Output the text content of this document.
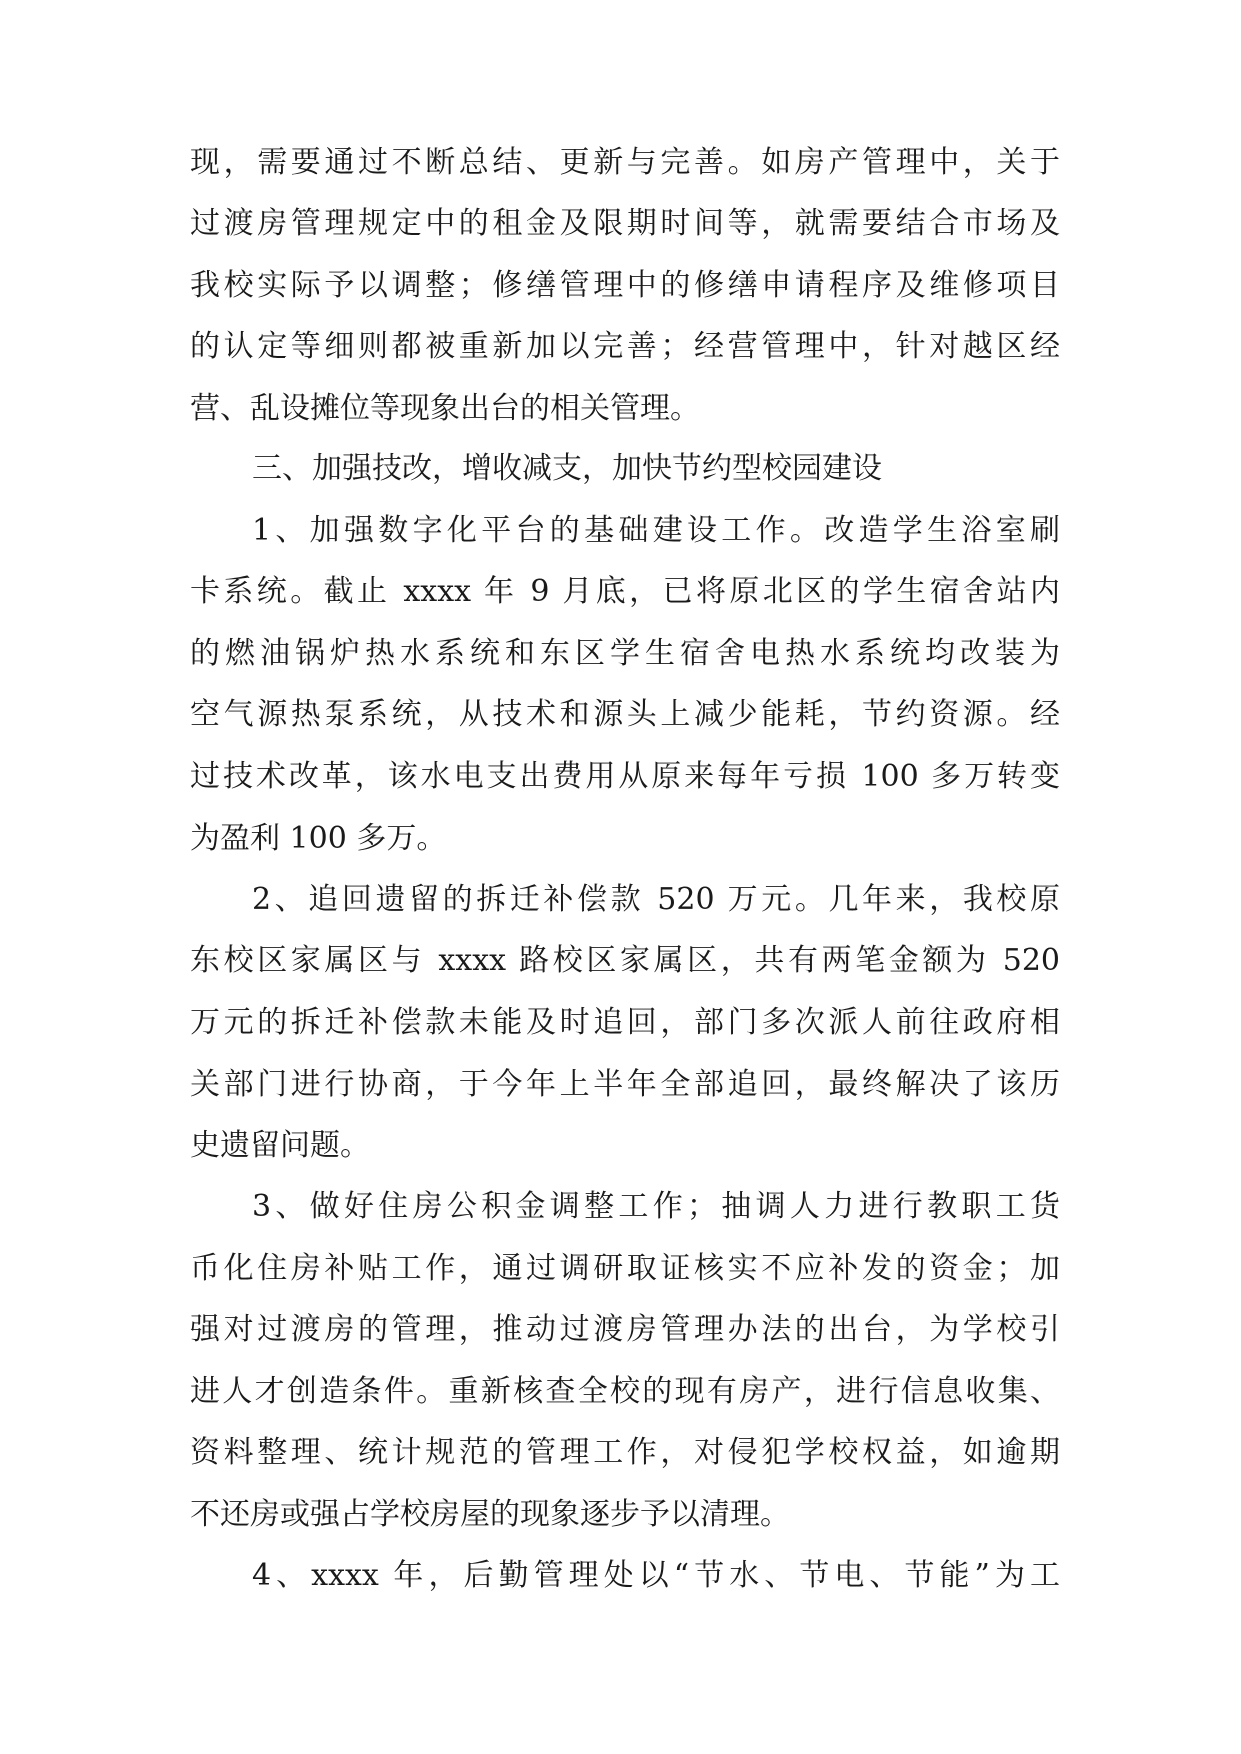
现，需要通过不断总结、更新与完善。如房产管理中，关于

过渡房管理规定中的租金及限期时间等，就需要结合市场及

我校实际予以调整；修缮管理中的修缮申请程序及维修项目

的认定等细则都被重新加以完善；经营管理中，针对越区经

营、乱设摊位等现象出台的相关管理。

三、加强技改，增收减支，加快节约型校园建设

1、加强数字化平台的基础建设工作。改造学生浴室刷

卡系统。截止 xxxx 年 9 月底，已将原北区的学生宿舍站内

的燃油锅炉热水系统和东区学生宿舍电热水系统均改装为

空气源热泵系统，从技术和源头上减少能耗，节约资源。经

过技术改革，该水电支出费用从原来每年亏损 100 多万转变

为盈利 100 多万。

2、追回遗留的拆迁补偿款 520 万元。几年来，我校原

东校区家属区与 xxxx 路校区家属区，共有两笔金额为 520

万元的拆迁补偿款未能及时追回，部门多次派人前往政府相

关部门进行协商，于今年上半年全部追回，最终解决了该历

史遗留问题。

3、做好住房公积金调整工作；抽调人力进行教职工货

币化住房补贴工作，通过调研取证核实不应补发的资金；加

强对过渡房的管理，推动过渡房管理办法的出台，为学校引

进人才创造条件。重新核查全校的现有房产，进行信息收集、

资料整理、统计规范的管理工作，对侵犯学校权益，如逾期

不还房或强占学校房屋的现象逐步予以清理。

4、xxxx 年，后勤管理处以“节水、节电、节能”为工
